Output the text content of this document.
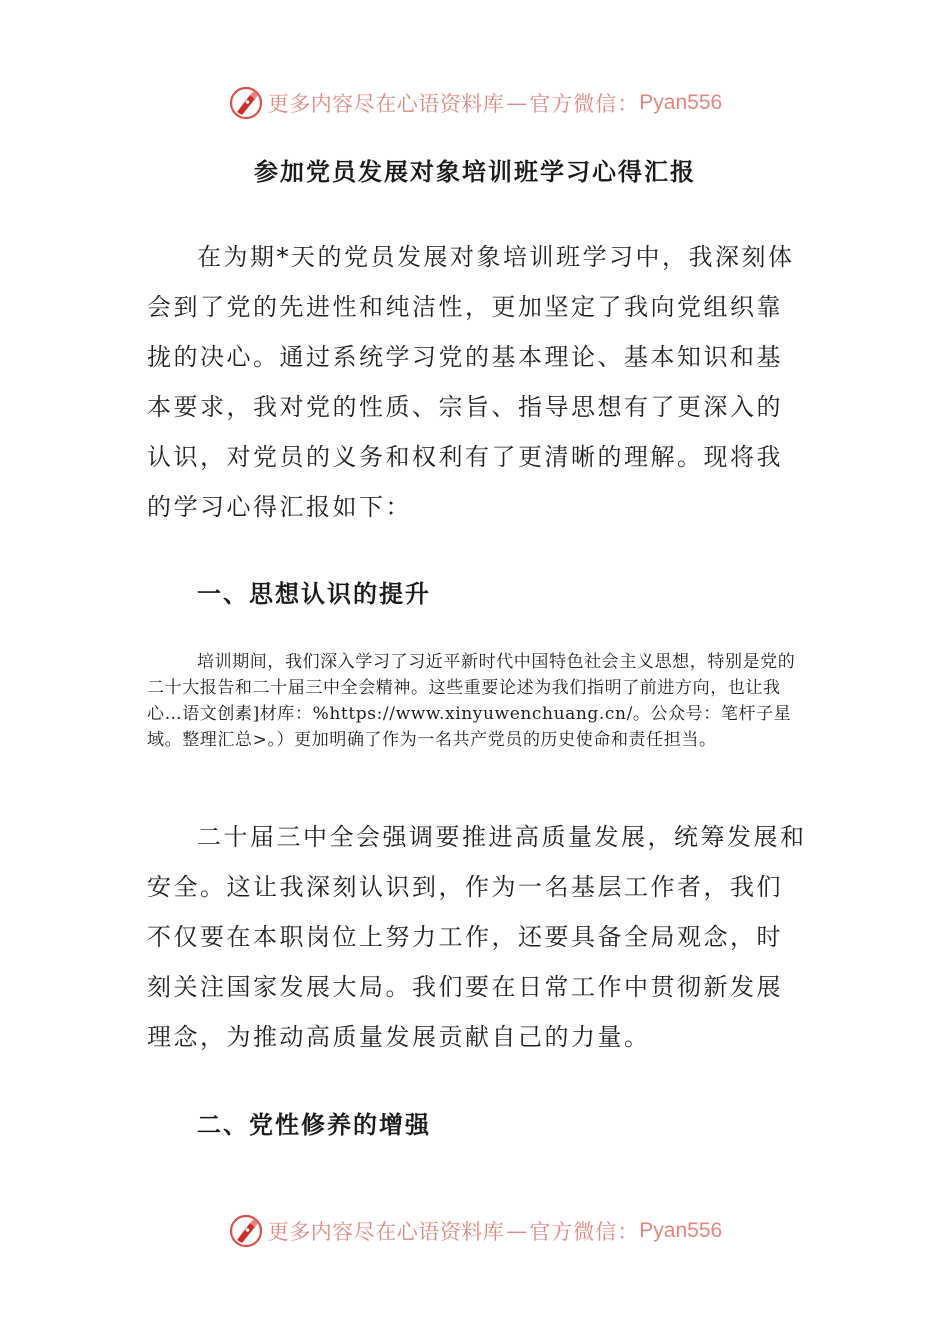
更多内容尽在心语资料库 — 官方微信： Pyan556
参加党员发展对象培训班学习心得汇报

在为期*天的党员发展对象培训班学习中，我深刻体会到了党的先进性和纯洁性，更加坚定了我向党组织靠拢的决心。通过系统学习党的基本理论、基本知识和基本要求，我对党的性质、宗旨、指导思想有了更深入的认识，对党员的义务和权利有了更清晰的理解。现将我的学习心得汇报如下：

一、思想认识的提升

培训期间，我们深入学习了习近平新时代中国特色社会主义思想，特别是党的二十大报告和二十届三中全会精神。这些重要论述为我们指明了前进方向，也让我心…语文创素]材库：%https://www.xinyuwenchuang.cn/。公众号：笔杆子星域。整理汇总>。）更加明确了作为一名共产党员的历史使命和责任担当。

二十届三中全会强调要推进高质量发展，统筹发展和安全。这让我深刻认识到，作为一名基层工作者，我们不仅要在本职岗位上努力工作，还要具备全局观念，时刻关注国家发展大局。我们要在日常工作中贯彻新发展理念，为推动高质量发展贡献自己的力量。

二、党性修养的增强
更多内容尽在心语资料库 — 官方微信： Pyan556
